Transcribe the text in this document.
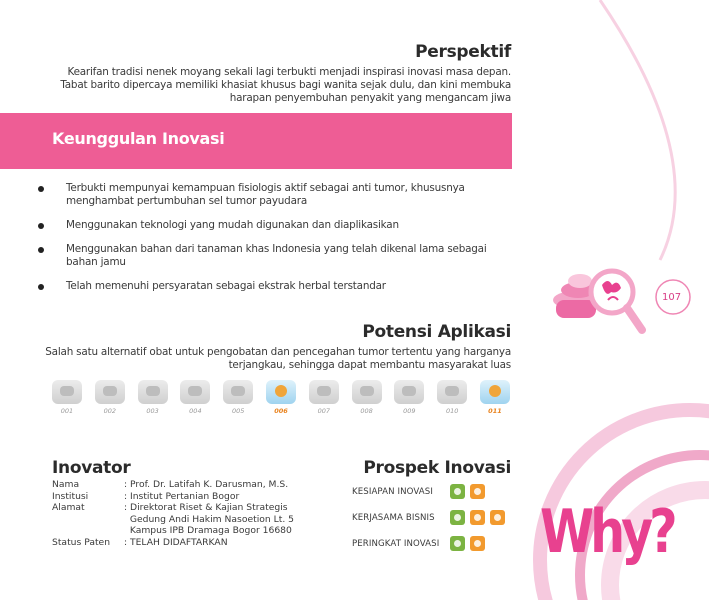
107
Perspektif
Kearifan tradisi nenek moyang sekali lagi terbukti menjadi inspirasi inovasi masa depan. Tabat barito dipercaya memiliki khasiat khusus bagi wanita sejak dulu, dan kini membuka harapan penyembuhan penyakit yang mengancam jiwa
Keunggulan Inovasi
Terbukti mempunyai kemampuan fisiologis aktif sebagai anti tumor, khususnya menghambat pertumbuhan sel tumor payudara
Menggunakan teknologi yang mudah digunakan dan diaplikasikan
Menggunakan bahan dari tanaman khas Indonesia yang telah dikenal lama sebagai bahan jamu
Telah memenuhi persyaratan sebagai ekstrak herbal terstandar
Potensi Aplikasi
Salah satu alternatif obat untuk pengobatan dan pencegahan tumor tertentu yang harganya terjangkau, sehingga dapat membantu masyarakat luas
001	002	003	004	005	006	007	008	009	010	011
Inovator
Nama	: Prof. Dr. Latifah K. Darusman, M.S.
Institusi	: Institut Pertanian Bogor
Alamat	: Direktorat Riset & Kajian Strategis
Gedung Andi Hakim Nasoetion Lt. 5
Kampus IPB Dramaga Bogor 16680
Status Paten	: TELAH DIDAFTARKAN
Prospek Inovasi
KESIAPAN INOVASI
KERJASAMA BISNIS
PERINGKAT INOVASI Why?
